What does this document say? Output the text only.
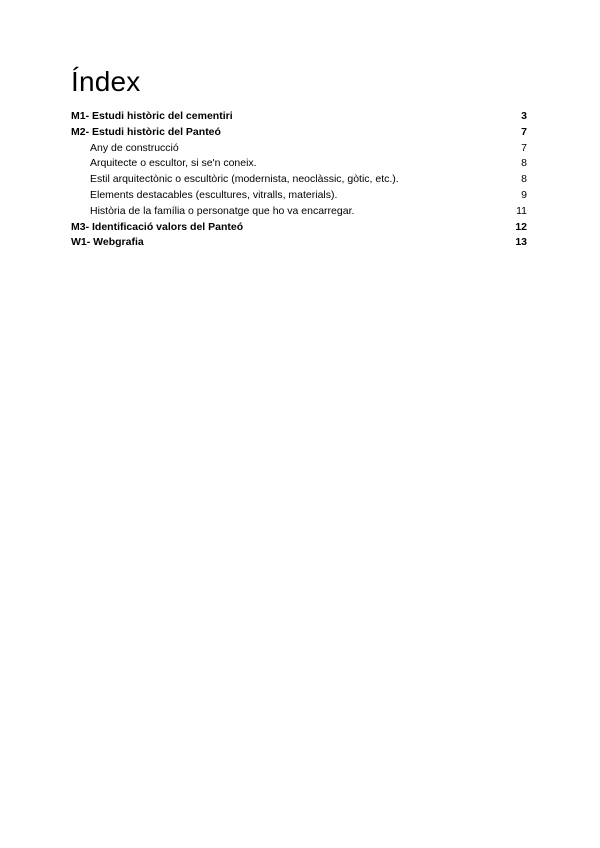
Índex
M1- Estudi històric del cementiri	3
M2- Estudi històric del Panteó	7
Any de construcció	7
Arquitecte o escultor, si se'n coneix.	8
Estil arquitectònic o escultòric (modernista, neoclàssic, gòtic, etc.).	8
Elements destacables (escultures, vitralls, materials).	9
Història de la família o personatge que ho va encarregar.	11
M3- Identificació valors del Panteó	12
W1- Webgrafia	13
